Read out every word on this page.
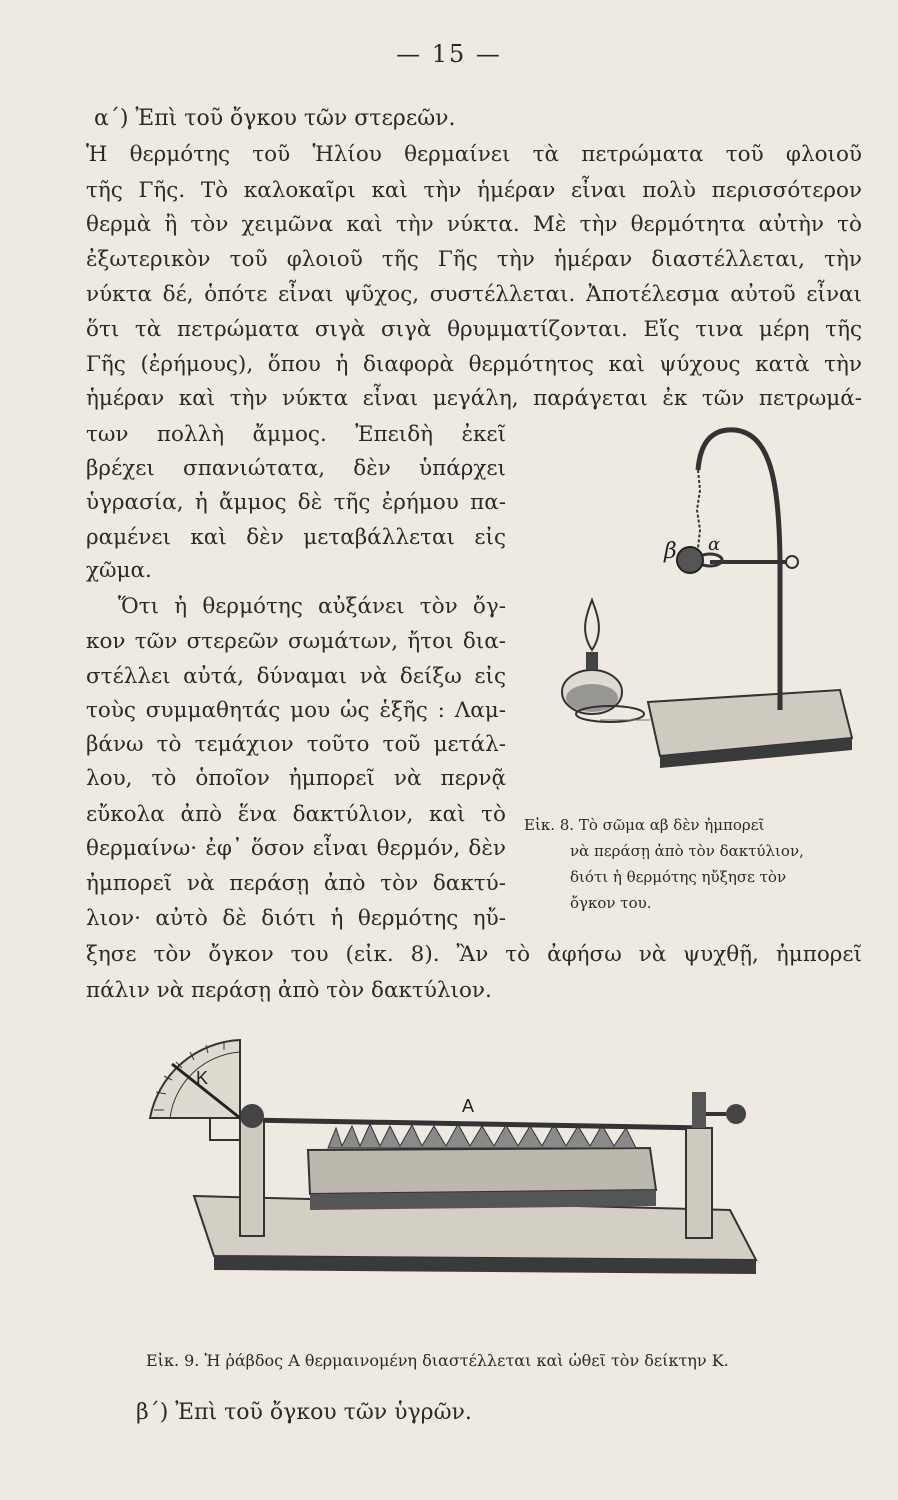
— 15 —
α΄) Ἐπὶ τοῦ ὄγκου τῶν στερεῶν.
Ἡ θερμότης τοῦ Ἡλίου θερμαίνει τὰ πετρώματα τοῦ φλοιοῦ
τῆς Γῆς. Τὸ καλοκαῖρι καὶ τὴν ἡμέραν εἶναι πολὺ περισσότερον
θερμὰ ἢ τὸν χειμῶνα καὶ τὴν νύκτα. Μὲ τὴν θερμότητα αὐτὴν τὸ
ἐξωτερικὸν τοῦ φλοιοῦ τῆς Γῆς τὴν ἡμέραν διαστέλλεται, τὴν
νύκτα δέ, ὁπότε εἶναι ψῦχος, συστέλλεται. Ἀποτέλεσμα αὐτοῦ εἶναι
ὅτι τὰ πετρώματα σιγὰ σιγὰ θρυμματίζονται. Εἴς τινα μέρη τῆς
Γῆς (ἐρήμους), ὅπου ἡ διαφορὰ θερμότητος καὶ ψύχους κατὰ τὴν
ἡμέραν καὶ τὴν νύκτα εἶναι μεγάλη, παράγεται ἐκ τῶν πετρωμά-
των πολλὴ ἄμμος. Ἐπειδὴ ἐκεῖ
βρέχει σπανιώτατα, δὲν ὑπάρχει
ὑγρασία, ἡ ἄμμος δὲ τῆς ἐρήμου πα-
ραμένει καὶ δὲν μεταβάλλεται εἰς
χῶμα.
Ὅτι ἡ θερμότης αὐξάνει τὸν ὄγ-
κον τῶν στερεῶν σωμάτων, ἤτοι δια-
στέλλει αὐτά, δύναμαι νὰ δείξω εἰς
τοὺς συμμαθητάς μου ὡς ἑξῆς : Λαμ-
βάνω τὸ τεμάχιον τοῦτο τοῦ μετάλ-
λου, τὸ ὁποῖον ἠμπορεῖ νὰ περνᾷ
εὔκολα ἀπὸ ἕνα δακτύλιον, καὶ τὸ
θερμαίνω· ἐφ᾽ ὅσον εἶναι θερμόν, δὲν
ἠμπορεῖ νὰ περάσῃ ἀπὸ τὸν δακτύ-
λιον· αὐτὸ δὲ διότι ἡ θερμότης ηὔ-
ξησε τὸν ὄγκον του (εἰκ. 8). Ἂν τὸ ἀφήσω νὰ ψυχθῇ, ἠμπορεῖ
πάλιν νὰ περάσῃ ἀπὸ τὸν δακτύλιον.
β α
Εἰκ. 8. Τὸ σῶμα αβ δὲν ἠμπορεῖ
νὰ περάσῃ ἀπὸ τὸν δακτύλιον,
διότι ἡ θερμότης ηὔξησε τὸν
ὄγκον του.
K
A
Εἰκ. 9. Ἡ ῥάβδος Α θερμαινομένη διαστέλλεται καὶ ὠθεῖ τὸν δείκτην Κ.
β΄) Ἐπὶ τοῦ ὄγκου τῶν ὑγρῶν.
